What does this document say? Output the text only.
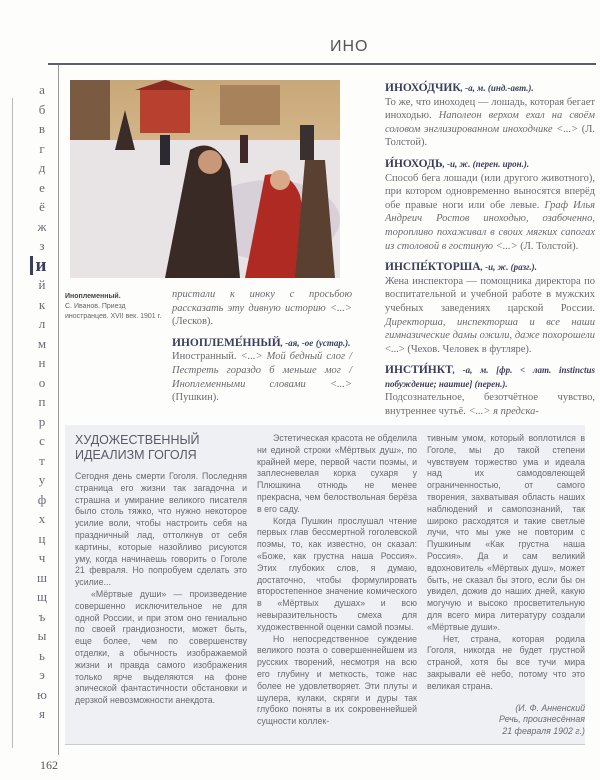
ИНО
а
б
в
г
д
е
ё
ж
з
и
й
к
л
м
н
о
п
р
с
т
у
ф
х
ц
ч
ш
щ
ъ
ы
ь
э
ю
я
Иноплеменный.
С. Иванов. Приезд иностранцев. XVII век. 1901 г.

пристали к иноку с просьбою рассказать эту дивную историю <...> (Лесков).

ИНОПЛЕМЕ́ННЫЙ, -ая, -ое (устар.).
Иностранный. <...> Мой бедный слог / Пестреть гораздо б меньше мог / Иноплеменными словами <...> (Пушкин).

ИНОХО́ДЧИК, -а, м. (инд.-авт.).
То же, что иноходец — лошадь, которая бегает иноходью. Наполеон верхом ехал на своём соловом энглизированном иноходчике <...> (Л. Толстой).

И́НОХОДЬ, -и, ж. (перен. ирон.).
Способ бега лошади (или другого животного), при котором одновременно выносятся вперёд обе правые ноги или обе левые. Граф Илья Андреич Ростов иноходью, озабоченно, торопливо похаживал в своих мягких сапогах из столовой в гостиную <...> (Л. Толстой).

ИНСПЕ́КТОРША, -и, ж. (разг.).
Жена инспектора — помощника директора по воспитательной и учебной работе в мужских учебных заведениях царской России. Директорша, инспекторша и все наши гимназические дамы ожили, даже похорошели <...> (Чехов. Человек в футляре).

ИНСТИ́НКТ, -а, м. [фр. < лат. instinctus побуждение; наитие] (перен.).
Подсознательное, безотчётное чувство, внутреннее чутьё. <...> я предска-

ХУДОЖЕСТВЕННЫЙ ИДЕАЛИЗМ ГОГОЛЯ

Сегодня день смерти Гоголя. Последняя страница его жизни так загадочна и страшна и умирание великого писателя было столь тяжко, что нужно некоторое усилие воли, чтобы настроить себя на праздничный лад, оттолкнув от себя картины, которые назойливо рисуются уму, когда начинаешь говорить о Гоголе 21 февраля. Но попробуем сделать это усилие...

«Мёртвые души» — произведение совершенно исключительное не для одной России, и при этом оно гениально по своей грандиозности, может быть, еще более, чем по совершенству отделки, а обычность изображаемой жизни и правда самого изображения только ярче выделяются на фоне эпической фантастичности обстановки и дерзкой невозможности анекдота.

Эстетическая красота не обделила ни единой строки «Мёртвых душ», по крайней мере, первой части поэмы, и заплесневелая корка сухаря у Плюшкина отнюдь не менее прекрасна, чем белоствольная берёза в его саду.

Когда Пушкин прослушал чтение первых глав бессмертной гоголевской поэмы, то, как известно, он сказал: «Боже, как грустна наша Россия». Этих глубоких слов, я думаю, достаточно, чтобы формулировать второстепенное значение комического в «Мёртвых душах» и всю невыразительность смеха для художественной оценки самой поэмы.

Но непосредственное суждение великого поэта о совершеннейшем из русских творений, несмотря на всю его глубину и меткость, тоже нас более не удовлетворяет. Эти плуты и шулера, кулаки, скряги и дуры так глубоко поняты в их сокровеннейшей сущности коллек-

тивным умом, который воплотился в Гоголе, мы до такой степени чувствуем торжество ума и идеала над их самодовлеющей ограниченностью, от самого творения, захватывая область наших наблюдений и самопознаний, так широко расходятся и такие светлые лучи, что мы уже не повторим с Пушкиным «Как грустна наша Россия». Да и сам великий вдохновитель «Мёртвых душ», может быть, не сказал бы этого, если бы он увидел, дожив до наших дней, какую могучую и высоко просветительную для всего мира литературу создали «Мёртвые души».

Нет, страна, которая родила Гоголя, никогда не будет грустной страной, хотя бы все тучи мира закрывали её небо, потому что это великая страна.

(И. Ф. Анненский
Речь, произнесённая
21 февраля 1902 г.)
162
